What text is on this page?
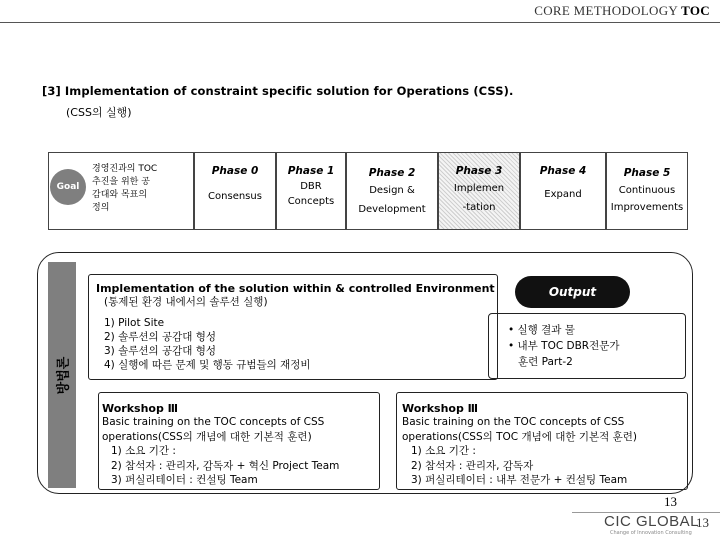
CORE METHODOLOGY TOC
[3] Implementation of constraint specific solution for Operations (CSS).
(CSS의 실행)
Goal
경영진과의 TOC
추진을 위한 공
감대와 목표의
정의
Phase 0
Consensus
Phase 1
DBR
Concepts
Phase 2
Design &
Development
Phase 3
Implemen
-tation
Phase 4
Expand
Phase 5
Continuous
Improvements
방법론
Implementation of the solution within & controlled Environment
(통제된 환경 내에서의 솔루션 실행)
1) Pilot Site
2) 솔루션의 공감대 형성
3) 솔루션의 공감대 형성
4) 실행에 따른 문제 및 행동 규범들의 재정비
Output
• 실행 결과 물
• 내부 TOC DBR전문가
훈련 Part-2
Workshop Ⅲ
Basic training on the TOC concepts of CSS
operations(CSS의 개념에 대한 기본적 훈련)
1) 소요 기간 :
2) 참석자 : 관리자, 감독자 + 혁신 Project Team
3) 퍼실리테이터 : 컨설팅 Team
Workshop Ⅲ
Basic training on the TOC concepts of CSS
operations(CSS의 TOC 개념에 대한 기본적 훈련)
1) 소요 기간 :
2) 참석자 : 관리자, 감독자
3) 퍼실리테이터 : 내부 전문가 + 컨설팅 Team
13
CIC GLOBAL
Change of Innovation Consulting
13
